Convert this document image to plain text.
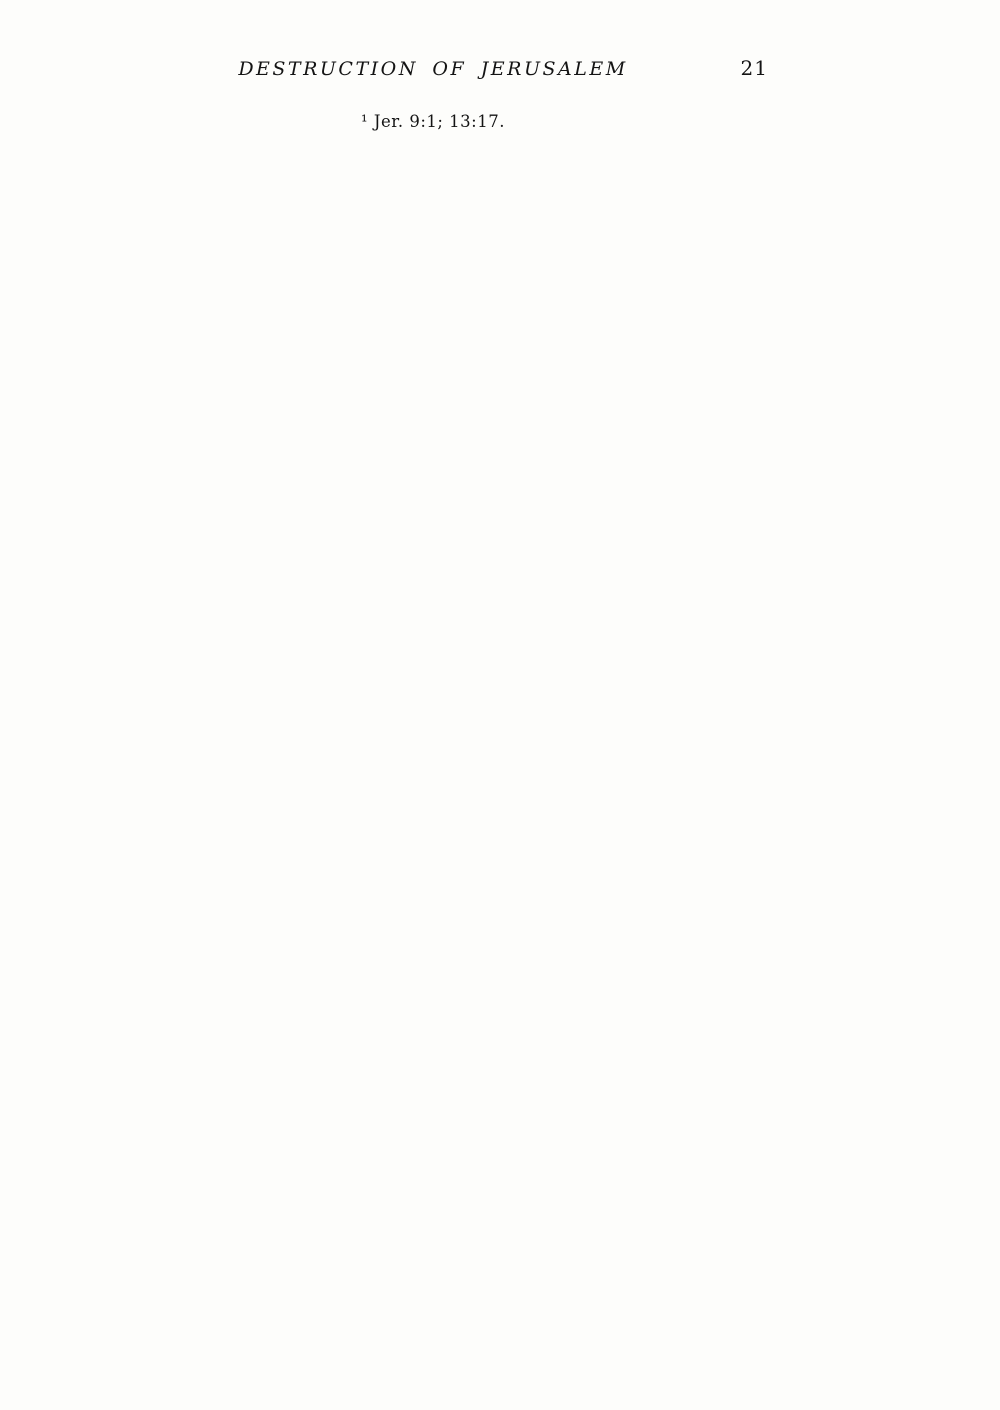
DESTRUCTION OF JERUSALEM	21
¹ Jer. 9:1; 13:17.
